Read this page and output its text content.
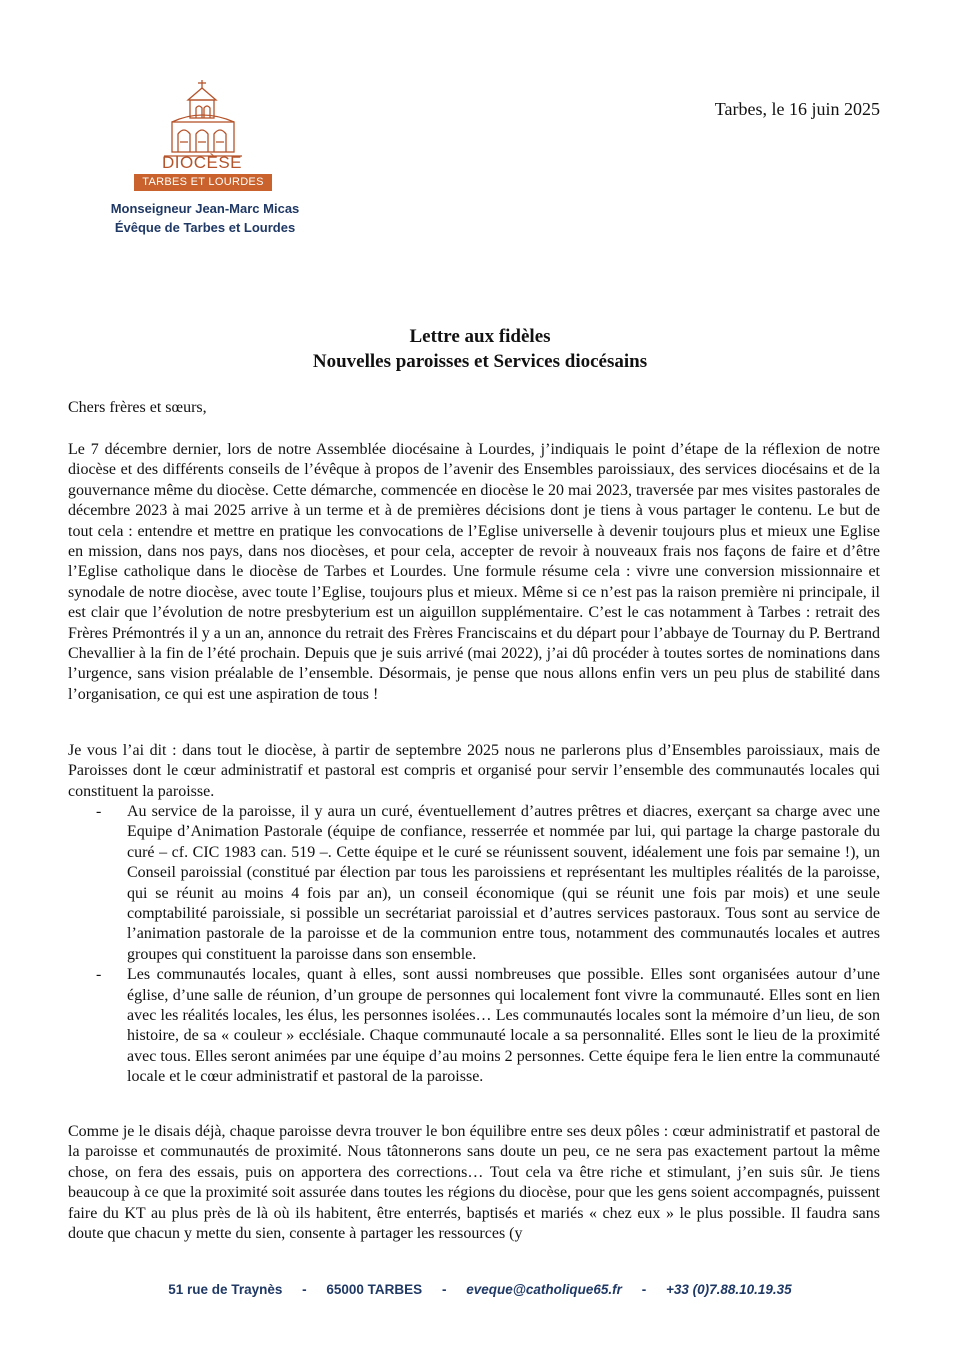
DIOCÈSE
TARBES ET LOURDES
Monseigneur Jean-Marc Micas
Évêque de Tarbes et Lourdes
Tarbes, le 16 juin 2025
Lettre aux fidèles
Nouvelles paroisses et Services diocésains
Chers frères et sœurs,

Le 7 décembre dernier, lors de notre Assemblée diocésaine à Lourdes, j’indiquais le point d’étape de la réflexion de notre diocèse et des différents conseils de l’évêque à propos de l’avenir des Ensembles paroissiaux, des services diocésains et de la gouvernance même du diocèse. Cette démarche, commencée en diocèse le 20 mai 2023, traversée par mes visites pastorales de décembre 2023 à mai 2025 arrive à un terme et à de premières décisions dont je tiens à vous partager le contenu. Le but de tout cela : entendre et mettre en pratique les convocations de l’Eglise universelle à devenir toujours plus et mieux une Eglise en mission, dans nos pays, dans nos diocèses, et pour cela, accepter de revoir à nouveaux frais nos façons de faire et d’être l’Eglise catholique dans le diocèse de Tarbes et Lourdes. Une formule résume cela : vivre une conversion missionnaire et synodale de notre diocèse, avec toute l’Eglise, toujours plus et mieux. Même si ce n’est pas la raison première ni principale, il est clair que l’évolution de notre presbyterium est un aiguillon supplémentaire. C’est le cas notamment à Tarbes : retrait des Frères Prémontrés il y a un an, annonce du retrait des Frères Franciscains et du départ pour l’abbaye de Tournay du P. Bertrand Chevallier à la fin de l’été prochain. Depuis que je suis arrivé (mai 2022), j’ai dû procéder à toutes sortes de nominations dans l’urgence, sans vision préalable de l’ensemble. Désormais, je pense que nous allons enfin vers un peu plus de stabilité dans l’organisation, ce qui est une aspiration de tous !

Je vous l’ai dit : dans tout le diocèse, à partir de septembre 2025 nous ne parlerons plus d’Ensembles paroissiaux, mais de Paroisses dont le cœur administratif et pastoral est compris et organisé pour servir l’ensemble des communautés locales qui constituent la paroisse.

- Au service de la paroisse, il y aura un curé, éventuellement d’autres prêtres et diacres, exerçant sa charge avec une Equipe d’Animation Pastorale (équipe de confiance, resserrée et nommée par lui, qui partage la charge pastorale du curé – cf. CIC 1983 can. 519 –. Cette équipe et le curé se réunissent souvent, idéalement une fois par semaine !), un Conseil paroissial (constitué par élection par tous les paroissiens et représentant les multiples réalités de la paroisse, qui se réunit au moins 4 fois par an), un conseil économique (qui se réunit une fois par mois) et une seule comptabilité paroissiale, si possible un secrétariat paroissial et d’autres services pastoraux. Tous sont au service de l’animation pastorale de la paroisse et de la communion entre tous, notamment des communautés locales et autres groupes qui constituent la paroisse dans son ensemble.
- Les communautés locales, quant à elles, sont aussi nombreuses que possible. Elles sont organisées autour d’une église, d’une salle de réunion, d’un groupe de personnes qui localement font vivre la communauté. Elles sont en lien avec les réalités locales, les élus, les personnes isolées… Les communautés locales sont la mémoire d’un lieu, de son histoire, de sa « couleur » ecclésiale. Chaque communauté locale a sa personnalité. Elles sont le lieu de la proximité avec tous. Elles seront animées par une équipe d’au moins 2 personnes. Cette équipe fera le lien entre la communauté locale et le cœur administratif et pastoral de la paroisse.

Comme je le disais déjà, chaque paroisse devra trouver le bon équilibre entre ses deux pôles : cœur administratif et pastoral de la paroisse et communautés de proximité. Nous tâtonnerons sans doute un peu, ce ne sera pas exactement partout la même chose, on fera des essais, puis on apportera des corrections… Tout cela va être riche et stimulant, j’en suis sûr. Je tiens beaucoup à ce que la proximité soit assurée dans toutes les régions du diocèse, pour que les gens soient accompagnés, puissent faire du KT au plus près de là où ils habitent, être enterrés, baptisés et mariés « chez eux » le plus possible. Il faudra sans doute que chacun y mette du sien, consente à partager les ressources (y

51 rue de Traynès - 65000 TARBES - eveque@catholique65.fr - +33 (0)7.88.10.19.35
